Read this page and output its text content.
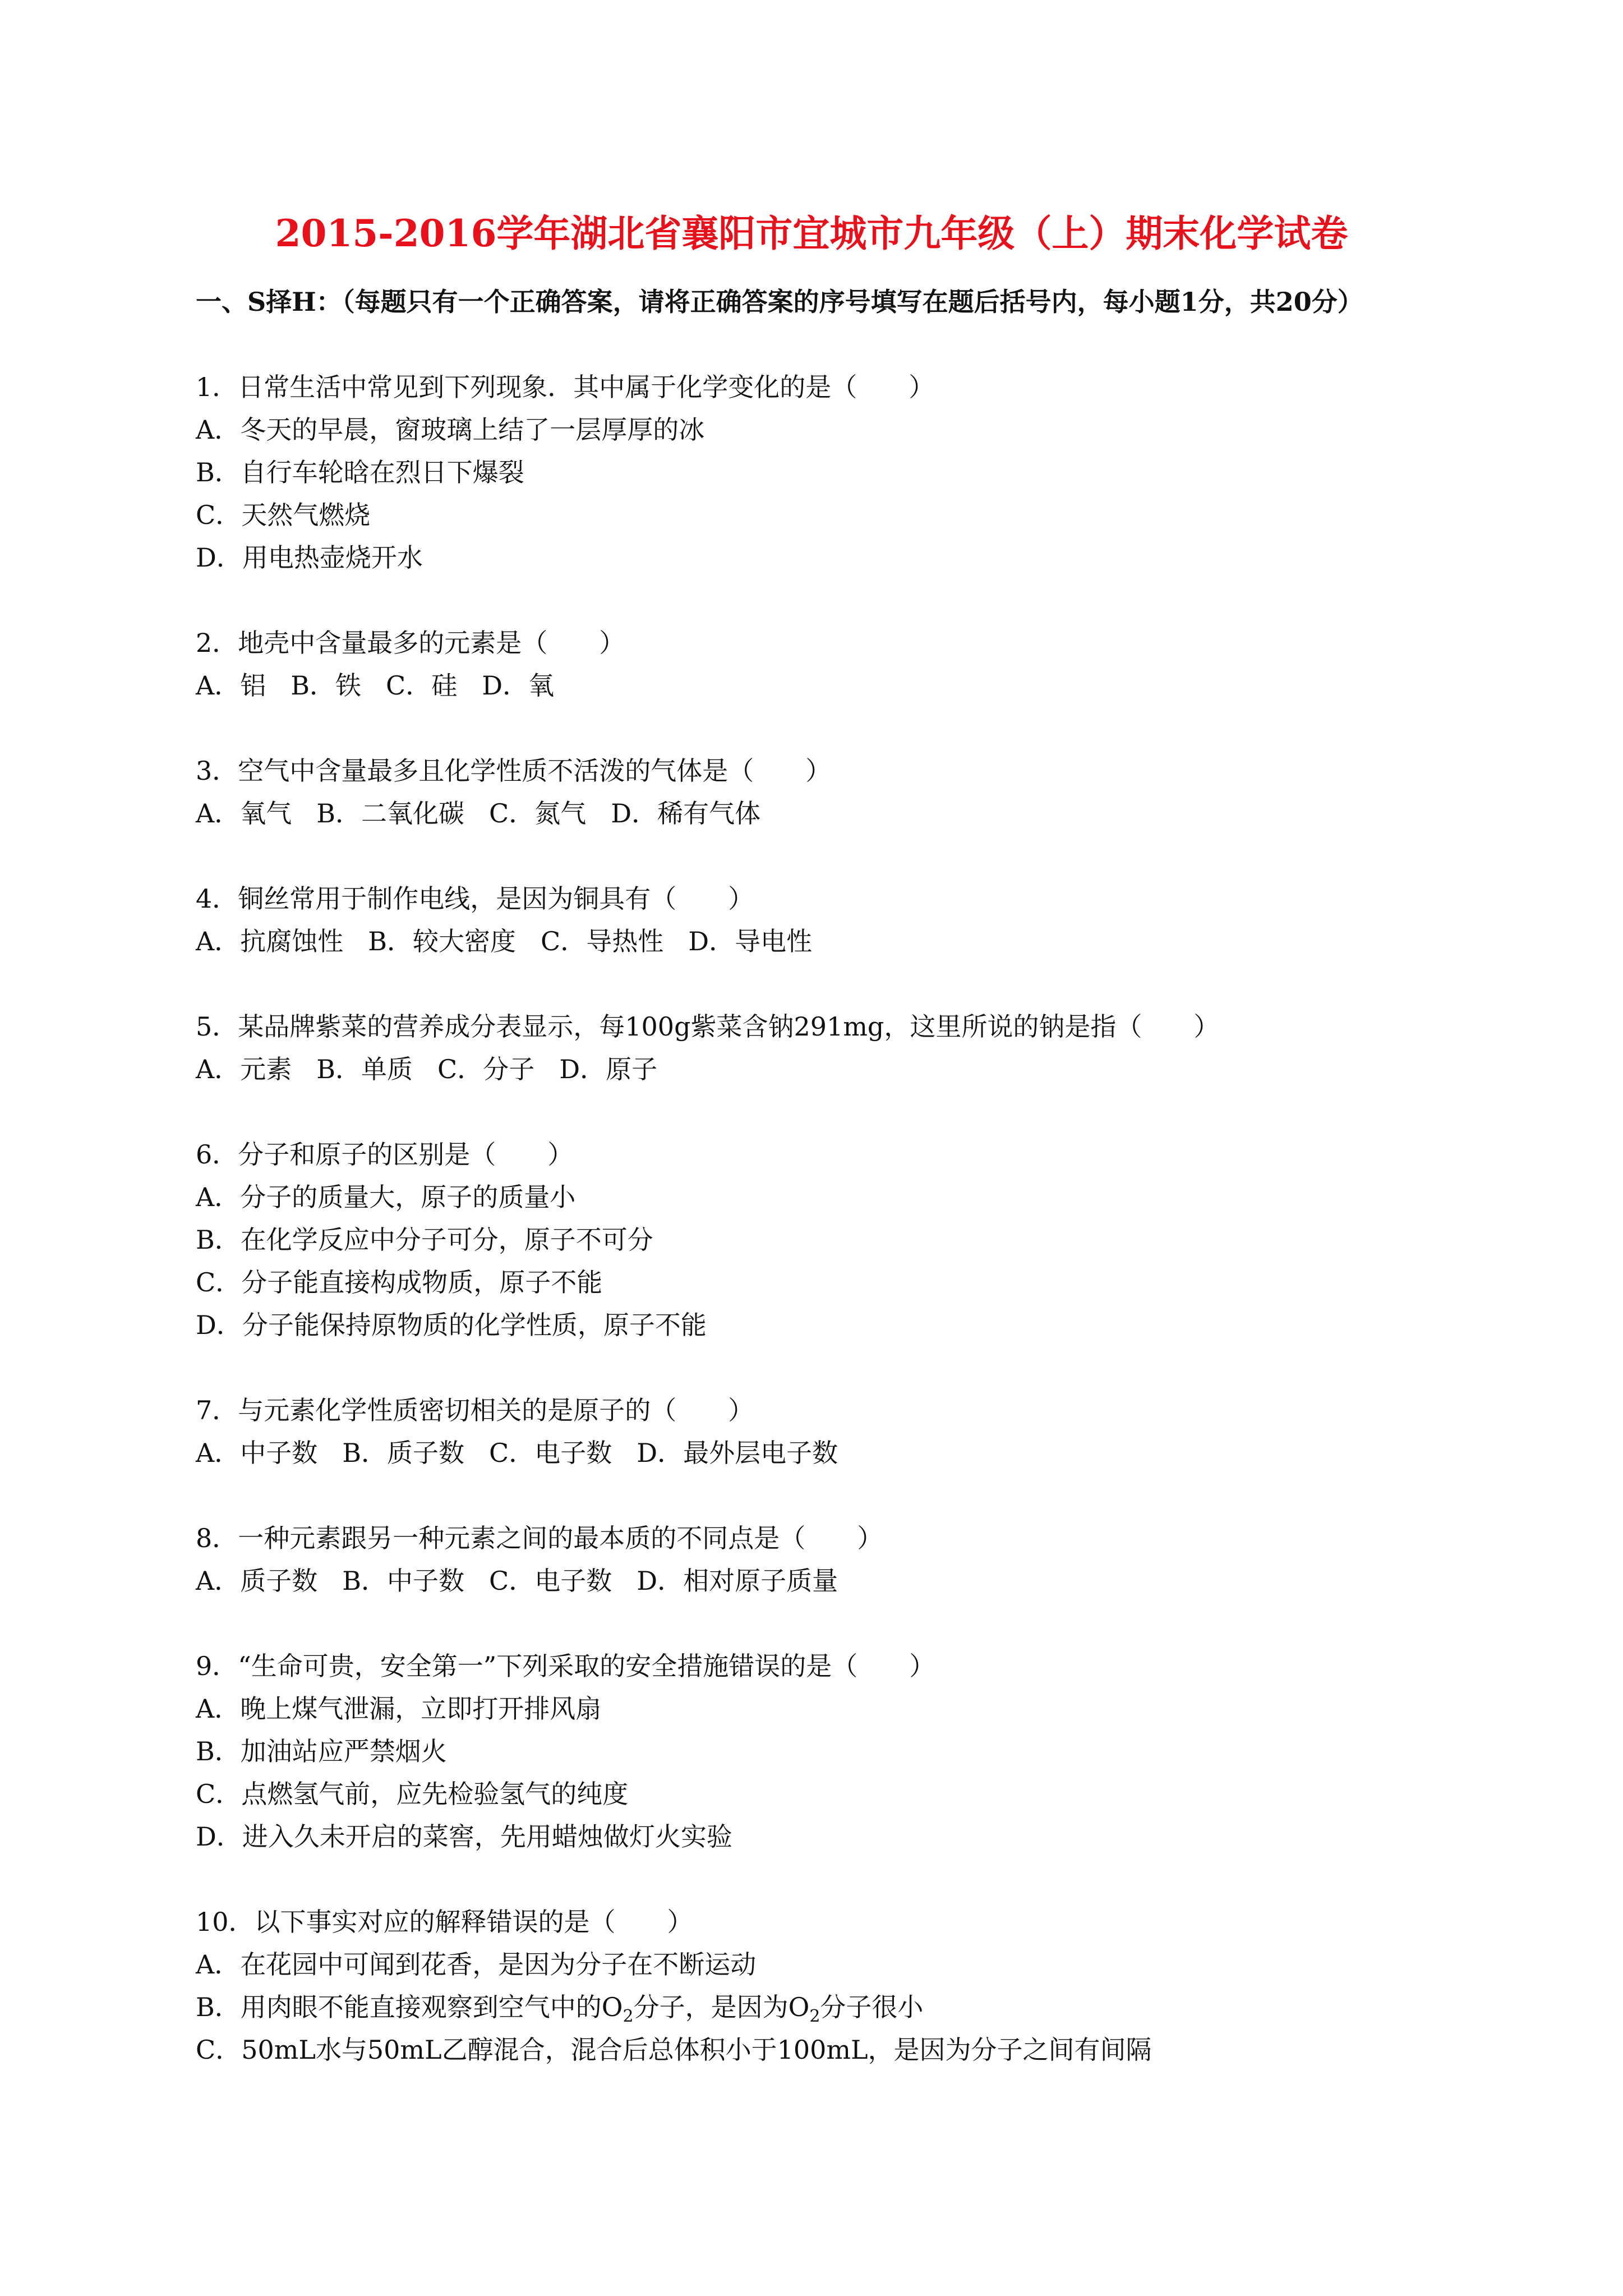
2015-2016学年湖北省襄阳市宜城市九年级（上）期末化学试卷
一、S择H：（每题只有一个正确答案，请将正确答案的序号填写在题后括号内，每小题1分，共20分）
1．日常生活中常见到下列现象．其中属于化学变化的是（　　）
A．冬天的早晨，窗玻璃上结了一层厚厚的冰
B．自行车轮晗在烈日下爆裂
C．天然气燃烧
D．用电热壶烧开水
2．地壳中含量最多的元素是（　　）
A．铝 B．铁 C．硅 D．氧
3．空气中含量最多且化学性质不活泼的气体是（　　）
A．氧气 B．二氧化碳 C．氮气 D．稀有气体
4．铜丝常用于制作电线，是因为铜具有（　　）
A．抗腐蚀性 B．较大密度 C．导热性 D．导电性
5．某品牌紫菜的营养成分表显示，每100g紫菜含钠291mg，这里所说的钠是指（　　）
A．元素 B．单质 C．分子 D．原子
6．分子和原子的区别是（　　）
A．分子的质量大，原子的质量小
B．在化学反应中分子可分，原子不可分
C．分子能直接构成物质，原子不能
D．分子能保持原物质的化学性质，原子不能
7．与元素化学性质密切相关的是原子的（　　）
A．中子数 B．质子数 C．电子数 D．最外层电子数
8．一种元素跟另一种元素之间的最本质的不同点是（　　）
A．质子数 B．中子数 C．电子数 D．相对原子质量
9．“生命可贵，安全第一”下列采取的安全措施错误的是（　　）
A．晚上煤气泄漏，立即打开排风扇
B．加油站应严禁烟火
C．点燃氢气前，应先检验氢气的纯度
D．进入久未开启的菜窖，先用蜡烛做灯火实验
10．以下事实对应的解释错误的是（　　）
A．在花园中可闻到花香，是因为分子在不断运动
B．用肉眼不能直接观察到空气中的$O_2$分子，是因为$O_2$分子很小
C．50mL水与50mL乙醇混合，混合后总体积小于100mL，是因为分子之间有间隔
